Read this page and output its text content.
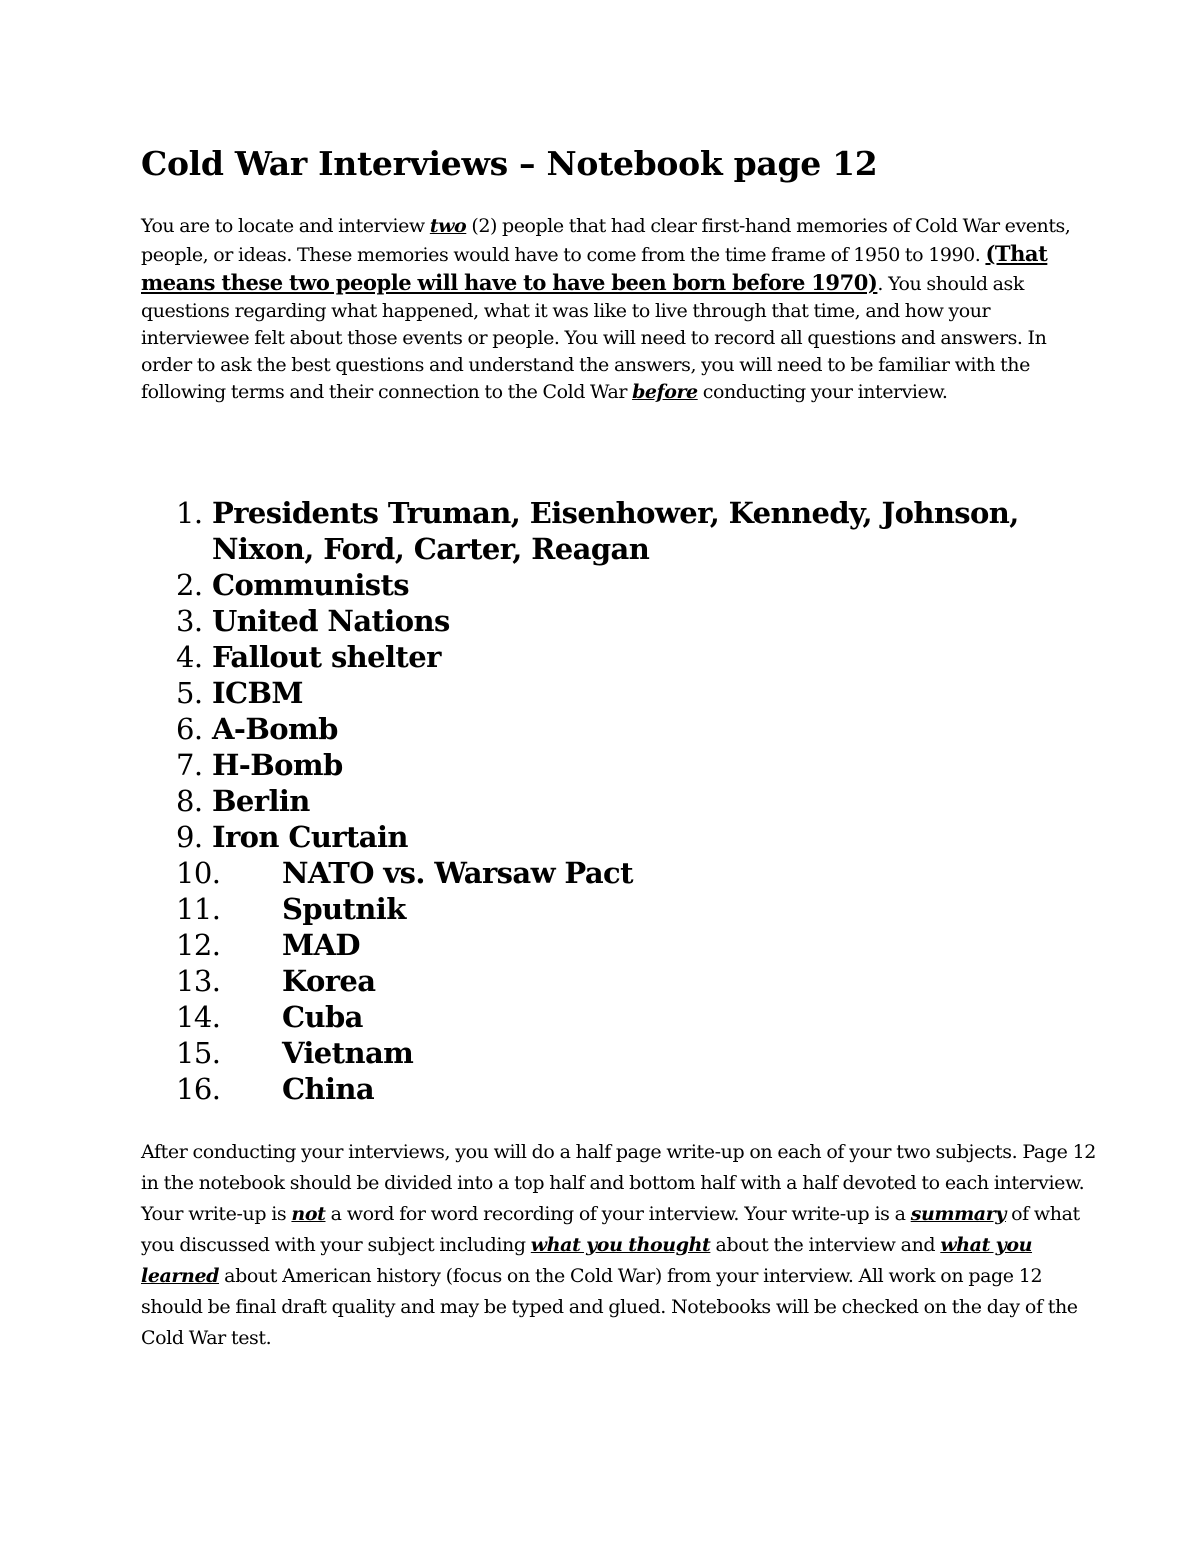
Cold War Interviews – Notebook page 12

You are to locate and interview two (2) people that had clear first-hand memories of Cold War events, people, or ideas. These memories would have to come from the time frame of 1950 to 1990. (That means these two people will have to have been born before 1970). You should ask questions regarding what happened, what it was like to live through that time, and how your interviewee felt about those events or people. You will need to record all questions and answers. In order to ask the best questions and understand the answers, you will need to be familiar with the following terms and their connection to the Cold War before conducting your interview.

1. Presidents Truman, Eisenhower, Kennedy, Johnson, Nixon, Ford, Carter, Reagan
2. Communists
3. United Nations
4. Fallout shelter
5. ICBM
6. A-Bomb
7. H-Bomb
8. Berlin
9. Iron Curtain
10.	NATO vs. Warsaw Pact
11.	Sputnik
12.	MAD
13.	Korea
14.	Cuba
15.	Vietnam
16.	China

After conducting your interviews, you will do a half page write-up on each of your two subjects. Page 12 in the notebook should be divided into a top half and bottom half with a half devoted to each interview. Your write-up is not a word for word recording of your interview. Your write-up is a summary of what you discussed with your subject including what you thought about the interview and what you learned about American history (focus on the Cold War) from your interview. All work on page 12 should be final draft quality and may be typed and glued. Notebooks will be checked on the day of the Cold War test.
